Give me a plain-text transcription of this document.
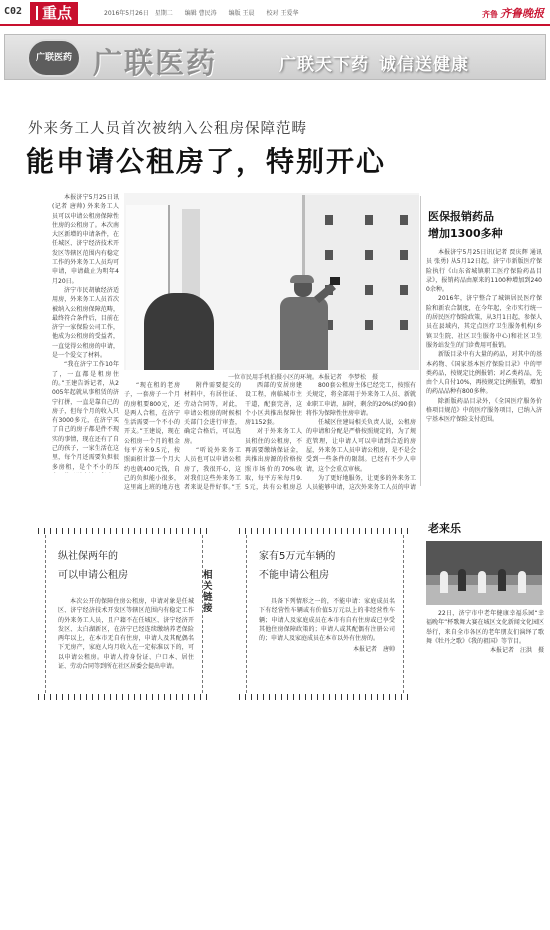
C02	重点	2016年5月26日　星期二　　编辑 曹民涛　　编版 王晨　　校对 王爱华	齐鲁 齐鲁晚报
广联医药 广联医药	广联天下药 诚信送健康
外来务工人员首次被纳入公租房保障范畴
能申请公租房了，特别开心

本报济宁5月25日讯(记者 唐帅) 外来务工人员可以申请公租房保障性住房的公租房了。本次南大区新增的申请条件，在任城区、济宁经济技术开发区等辖区范围内有稳定工作的外来务工人员均可申请，申请截止为明年4月20日。

济宁市民胡敏经济适用房，外来务工人员首次被纳入公租房保障范畴，最终符合条件后，目前在济宁一家保险公司工作，他成为公租房的受益者，一直觉得公租房的申请，是一个爱交了材料。

“我在济宁工作10年了，一直都是租房住的。”王建告诉记者，从2005年起就从事租赁的济宁打拼，一直是靠自己的房子，但每个月的收入只有3000多元，在济宁买了自己的房子都是件不现实的事情，现在还有了自己的孩子，一家生活在这里，每个月还需要负担很多房租，是个不小的压

一位市民用手机拍摄小区的环境。本报记者　李梦松　摄

“现在租的老房子，一套房子一个月的房租要800元，还是两人合租，在济宁生活需要一个不小的开支。”王建说，现在公租房一个月的租金每平方米9.5元，按照面积计算一个月大约也就400元钱，自己的负担能小很多，这里离上班的地方也

附件需要提交的材料中，有居住证、劳动合同等，对此，申请公租房的时候相关部门会进行审查，确定合格后，可以选房。

“听说外来务工人员也可以申请公租房了，我很开心，这对我们这些外来务工者来说是件好事。”王

西部的安居房建设工程，南临城市主干道，配套完善，这个小区共推出保障住房1152套。

对于外来务工人员租住的公租房，不再需要缴纳保证金，共推出房源的价格按照市场价的70%收取，每平方米每月9.5元，共有公租房总

800套公租房主体已经完工，按照有关规定，将全部用于外来务工人员、新就业职工申请，届时，剩余的20%(约90套)将作为保障性住房申请。

任城区住建局相关负责人说，公租房的申请和分配是严格按照规定的，为了规范管理，让申请人可以申请到合适的房屋，外来务工人员申请公租房，是不是会受到一些条件的限制。已经有不少人申请，这个会重点审核。

为了更好地服务，让更多的外来务工人员能够申请，这次外来务工人员的申请

医保报销药品
增加1300多种

本报济宁5月25日讯(记者 贾庆辉 通讯员 张勇) 从5月12日起，济宁市新版医疗保险执行《山东省城镇职工医疗保险药品目录》，报销药品由原来的1100种增加到2400余种。

2016年，济宁整合了城镇居民医疗保险和新农合制度，在今年起，全市实行统一的居民医疗保险政策，从3月1日起，参保人员在县域内，其定点医疗卫生服务机构(乡镇卫生院、社区卫生服务中心)和社区卫生服务站发生的门诊费用可报销。

新版目录中有大量的药品，对其中的基本药物、《国家基本医疗保险目录》中的甲类药品，按规定比例报销；对乙类药品，先由个人自付10%，再按规定比例报销，增加的药品品种有800多种。

除新版药品目录外，《全国医疗服务价格项目规范》中的医疗服务项目，已纳入济宁基本医疗保险支付范围。

老来乐

22日，济宁市中老年健康幸福乐园“幸福晚年”杯歌舞大赛在城区文化新闻文化园区举行，来自全市各区的老年朋友们演绎了歌舞《牡丹之歌》《我的祖国》等节目。

本报记者　汪洪　摄
纵社保两年的
可以申请公租房

本次公开的保障住房公租房，申请对象是任城区、济宁经济技术开发区等辖区范围内有稳定工作的外来务工人员，且户籍不在任城区、济宁经济开发区、太白湖新区，在济宁已经连续缴纳养老保险两年以上，在本市无自有住房，申请人及其配偶名下无房产，家庭人均月收入在一定标准以下的，可以申请公租房。申请人持身份证、户口本、居住证、劳动合同等到所在社区居委会提出申请。

相关链接
家有5万元车辆的
不能申请公租房

具备下列情形之一的，不能申请：家庭成员名下有经营性车辆或有价值5万元以上的非经营性车辆；申请人及家庭成员在本市有自有住房或已享受其他住房保障政策的；申请人或其配偶有注册公司的；申请人及家庭成员在本市以外有住房的。

本报记者　唐帅
